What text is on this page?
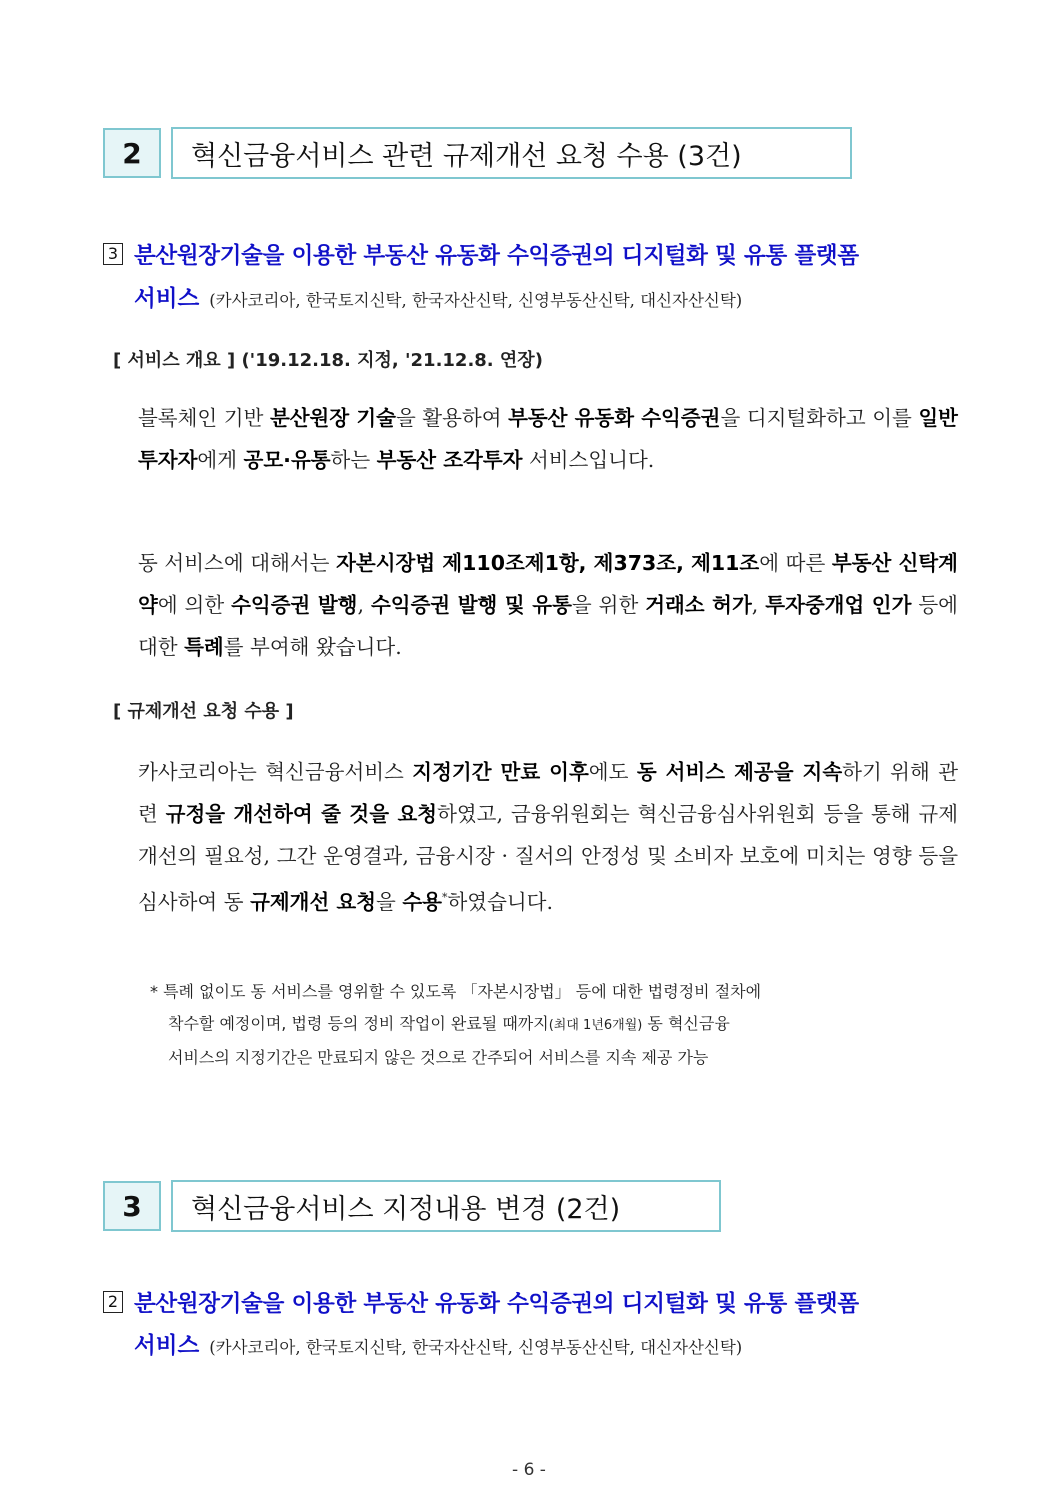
2	혁신금융서비스 관련 규제개선 요청 수용 (3건)
3 분산원장기술을 이용한 부동산 유동화 수익증권의 디지털화 및 유통 플랫폼
서비스 (카사코리아, 한국토지신탁, 한국자산신탁, 신영부동산신탁, 대신자산신탁)
[ 서비스 개요 ] ('19.12.18. 지정, '21.12.8. 연장)
블록체인 기반 분산원장 기술을 활용하여 부동산 유동화 수익증권을 디지털화하고 이를 일반투자자에게 공모·유통하는 부동산 조각투자 서비스입니다.
동 서비스에 대해서는 자본시장법 제110조제1항, 제373조, 제11조에 따른 부동산 신탁계약에 의한 수익증권 발행, 수익증권 발행 및 유통을 위한 거래소 허가, 투자중개업 인가 등에 대한 특례를 부여해 왔습니다.
[ 규제개선 요청 수용 ]
카사코리아는 혁신금융서비스 지정기간 만료 이후에도 동 서비스 제공을 지속하기 위해 관련 규정을 개선하여 줄 것을 요청하였고, 금융위원회는 혁신금융심사위원회 등을 통해 규제개선의 필요성, 그간 운영결과, 금융시장 · 질서의 안정성 및 소비자 보호에 미치는 영향 등을 심사하여 동 규제개선 요청을 수용*하였습니다.
* 특례 없이도 동 서비스를 영위할 수 있도록 「자본시장법」 등에 대한 법령정비 절차에
착수할 예정이며, 법령 등의 정비 작업이 완료될 때까지(최대 1년6개월) 동 혁신금융
서비스의 지정기간은 만료되지 않은 것으로 간주되어 서비스를 지속 제공 가능
3	혁신금융서비스 지정내용 변경 (2건)
2 분산원장기술을 이용한 부동산 유동화 수익증권의 디지털화 및 유통 플랫폼
서비스 (카사코리아, 한국토지신탁, 한국자산신탁, 신영부동산신탁, 대신자산신탁)
- 6 -
